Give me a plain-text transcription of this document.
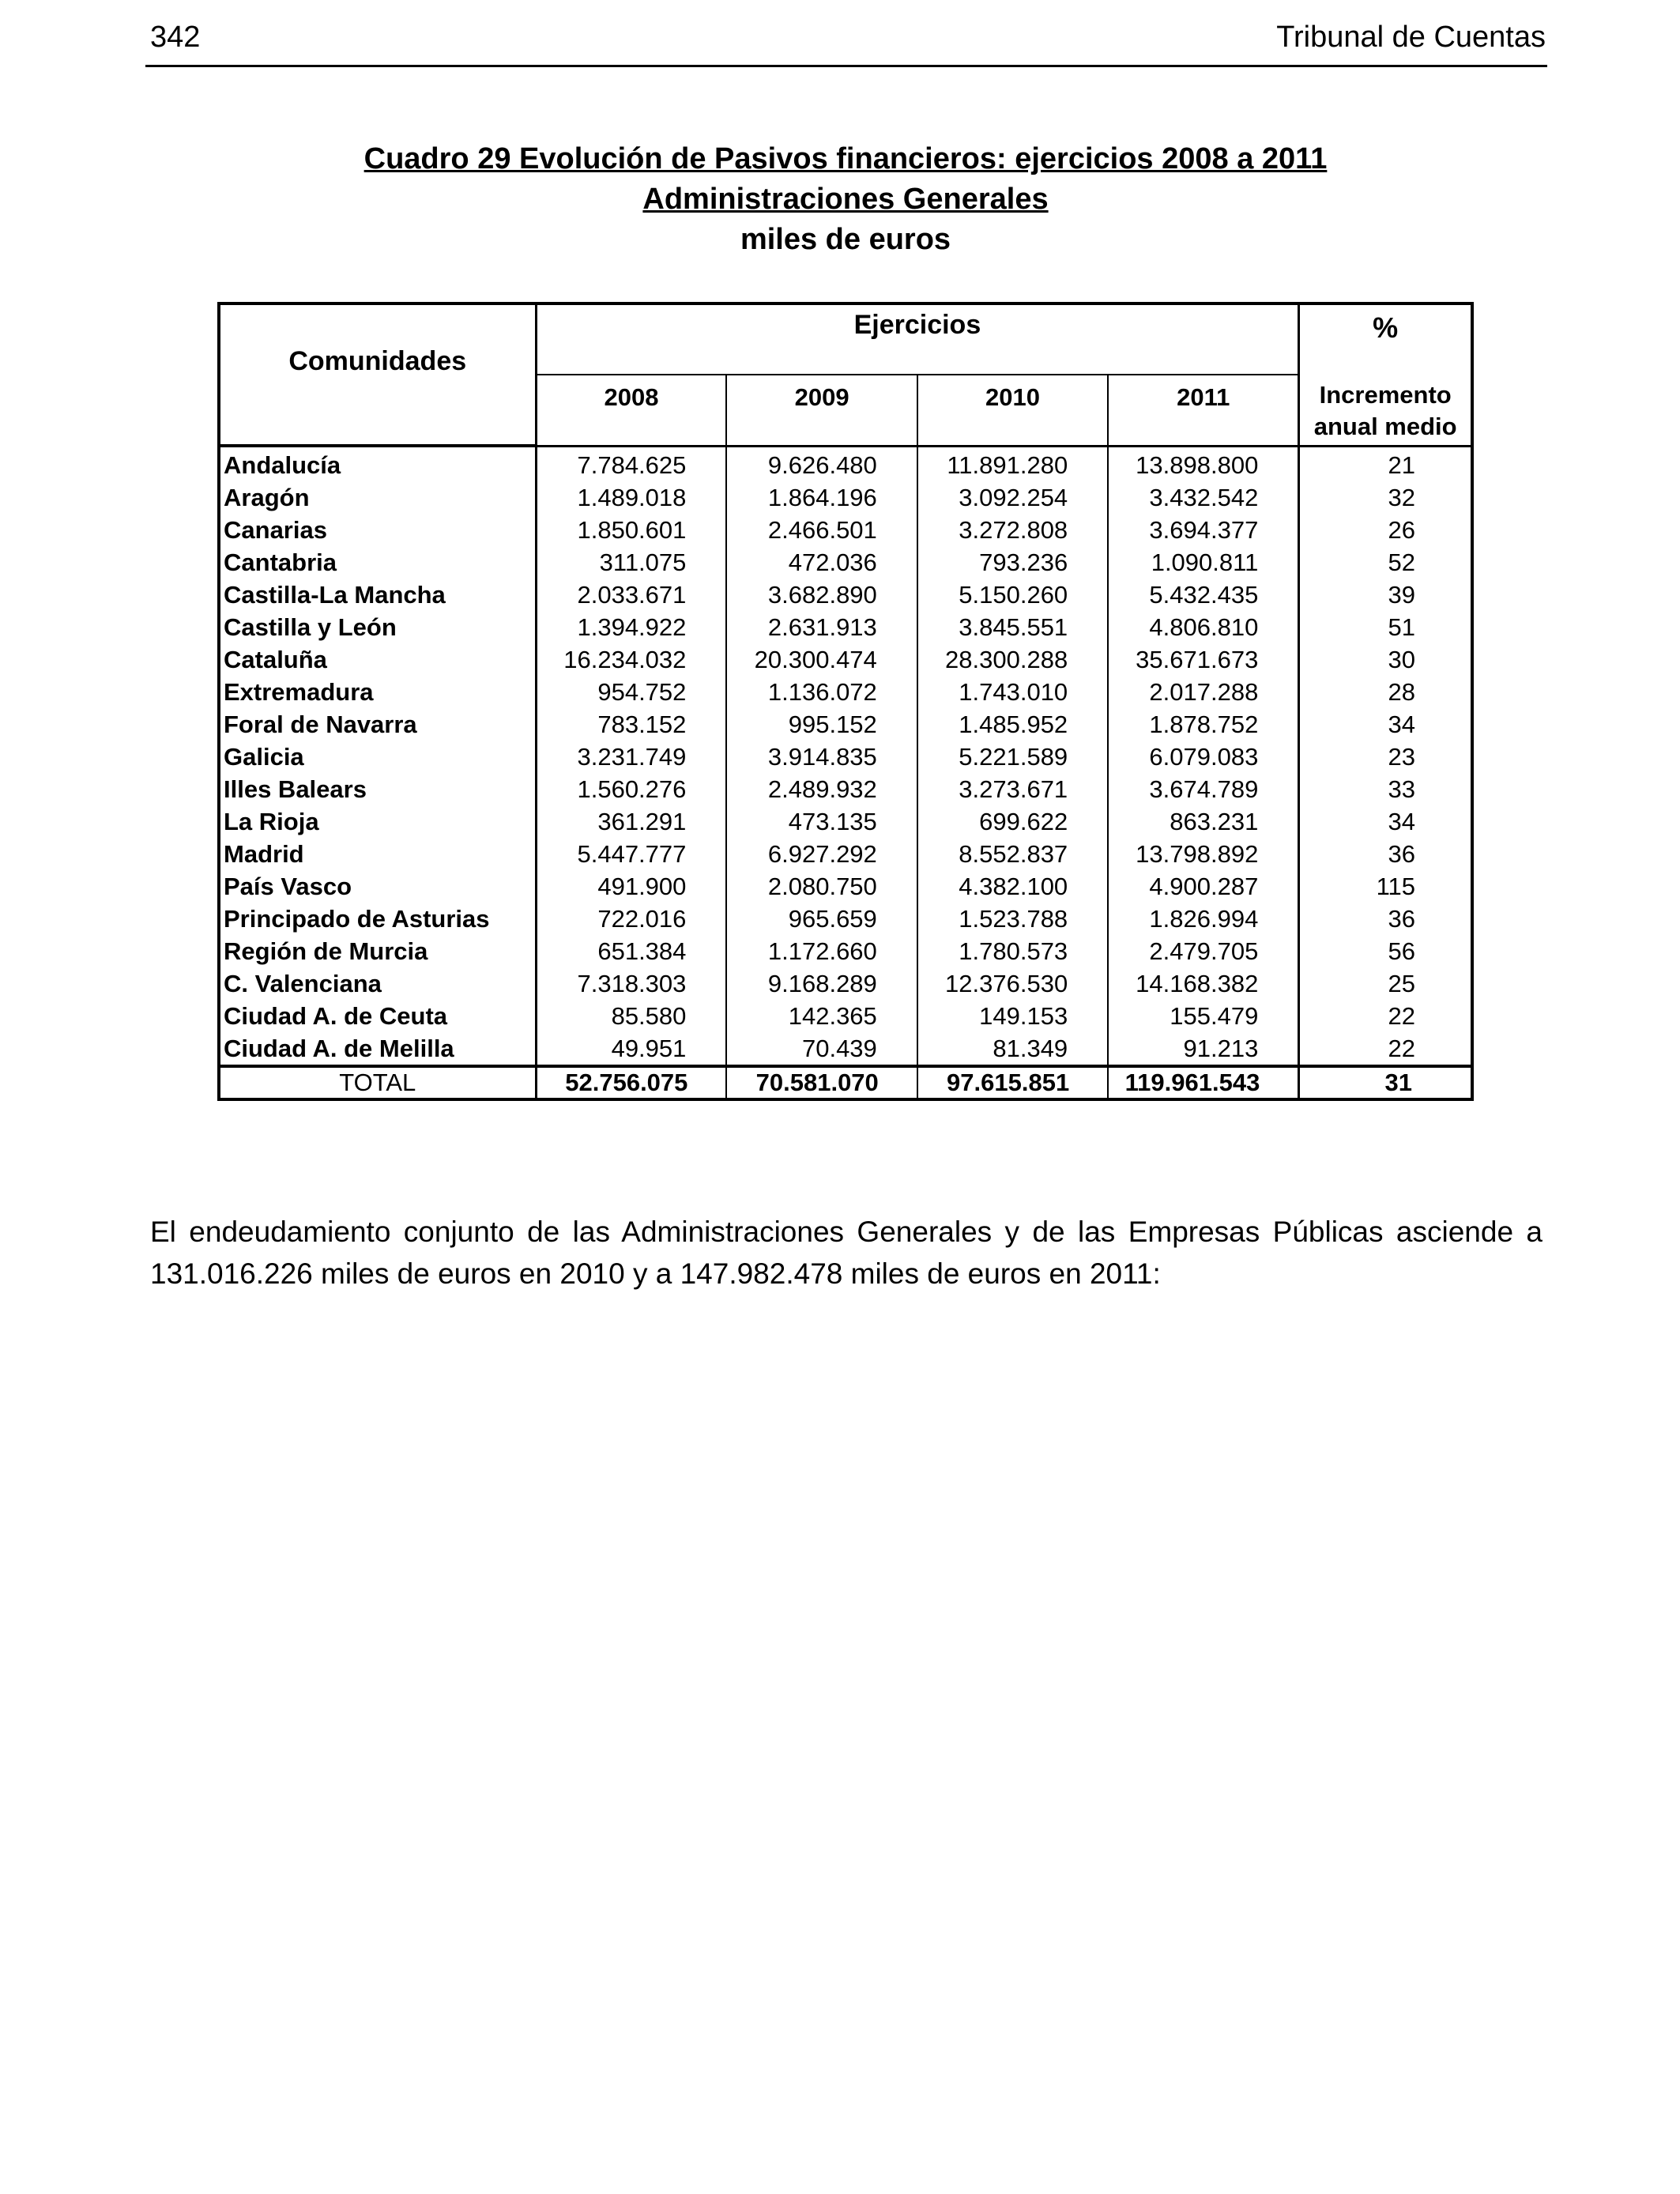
342	Tribunal de Cuentas
Cuadro 29 Evolución de Pasivos financieros: ejercicios 2008 a 2011
Administraciones Generales
miles de euros
Comunidades	Ejercicios				%
	2008	2009	2010	2011	Incremento
anual medio

Andalucía	7.784.625	9.626.480	11.891.280	13.898.800	21
Aragón	1.489.018	1.864.196	3.092.254	3.432.542	32
Canarias	1.850.601	2.466.501	3.272.808	3.694.377	26
Cantabria	311.075	472.036	793.236	1.090.811	52
Castilla-La Mancha	2.033.671	3.682.890	5.150.260	5.432.435	39
Castilla y León	1.394.922	2.631.913	3.845.551	4.806.810	51
Cataluña	16.234.032	20.300.474	28.300.288	35.671.673	30
Extremadura	954.752	1.136.072	1.743.010	2.017.288	28
Foral de Navarra	783.152	995.152	1.485.952	1.878.752	34
Galicia	3.231.749	3.914.835	5.221.589	6.079.083	23
Illes Balears	1.560.276	2.489.932	3.273.671	3.674.789	33
La Rioja	361.291	473.135	699.622	863.231	34
Madrid	5.447.777	6.927.292	8.552.837	13.798.892	36
País Vasco	491.900	2.080.750	4.382.100	4.900.287	115
Principado de Asturias	722.016	965.659	1.523.788	1.826.994	36
Región de Murcia	651.384	1.172.660	1.780.573	2.479.705	56
C. Valenciana	7.318.303	9.168.289	12.376.530	14.168.382	25
Ciudad A. de Ceuta	85.580	142.365	149.153	155.479	22
Ciudad A. de Melilla	49.951	70.439	81.349	91.213	22
TOTAL	52.756.075	70.581.070	97.615.851	119.961.543	31
El endeudamiento conjunto de las Administraciones Generales y de las Empresas Públicas asciende a 131.016.226 miles de euros en 2010 y a 147.982.478 miles de euros en 2011:
